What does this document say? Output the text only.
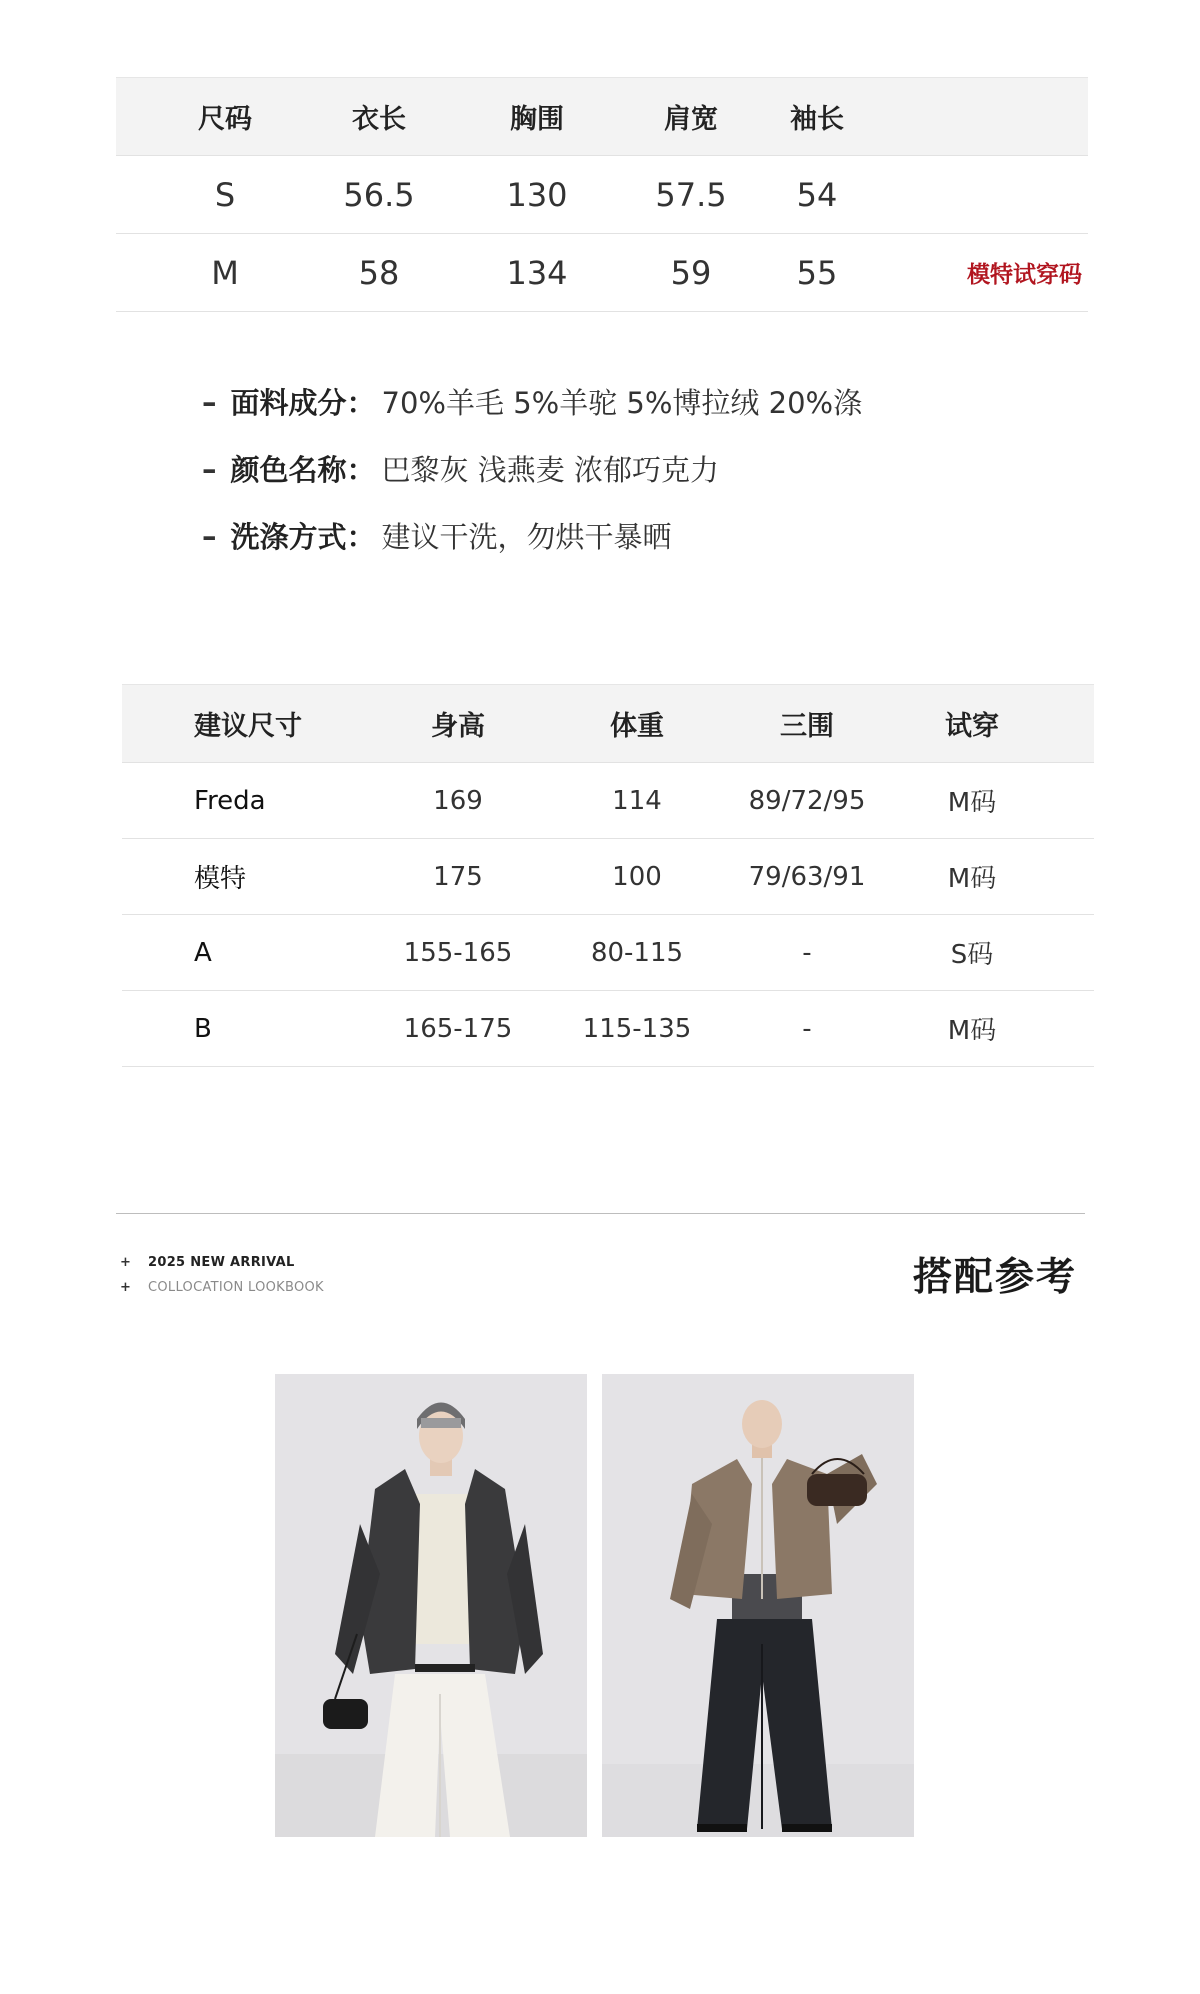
尺码	衣长	胸围	肩宽	袖长
S	56.5	130	57.5	54
M	58	134	59	55	模特试穿码
– 面料成分： 70%羊毛 5%羊驼 5%博拉绒 20%涤
– 颜色名称： 巴黎灰 浅燕麦 浓郁巧克力
– 洗涤方式： 建议干洗，勿烘干暴晒
建议尺寸	身高	体重	三围	试穿
Freda	169	114	89/72/95	M码
模特	175	100	79/63/91	M码
A	155-165	80-115	-	S码
B	165-175	115-135	-	M码
+ 2025 NEW ARRIVAL
+ COLLOCATION LOOKBOOK	搭配参考
